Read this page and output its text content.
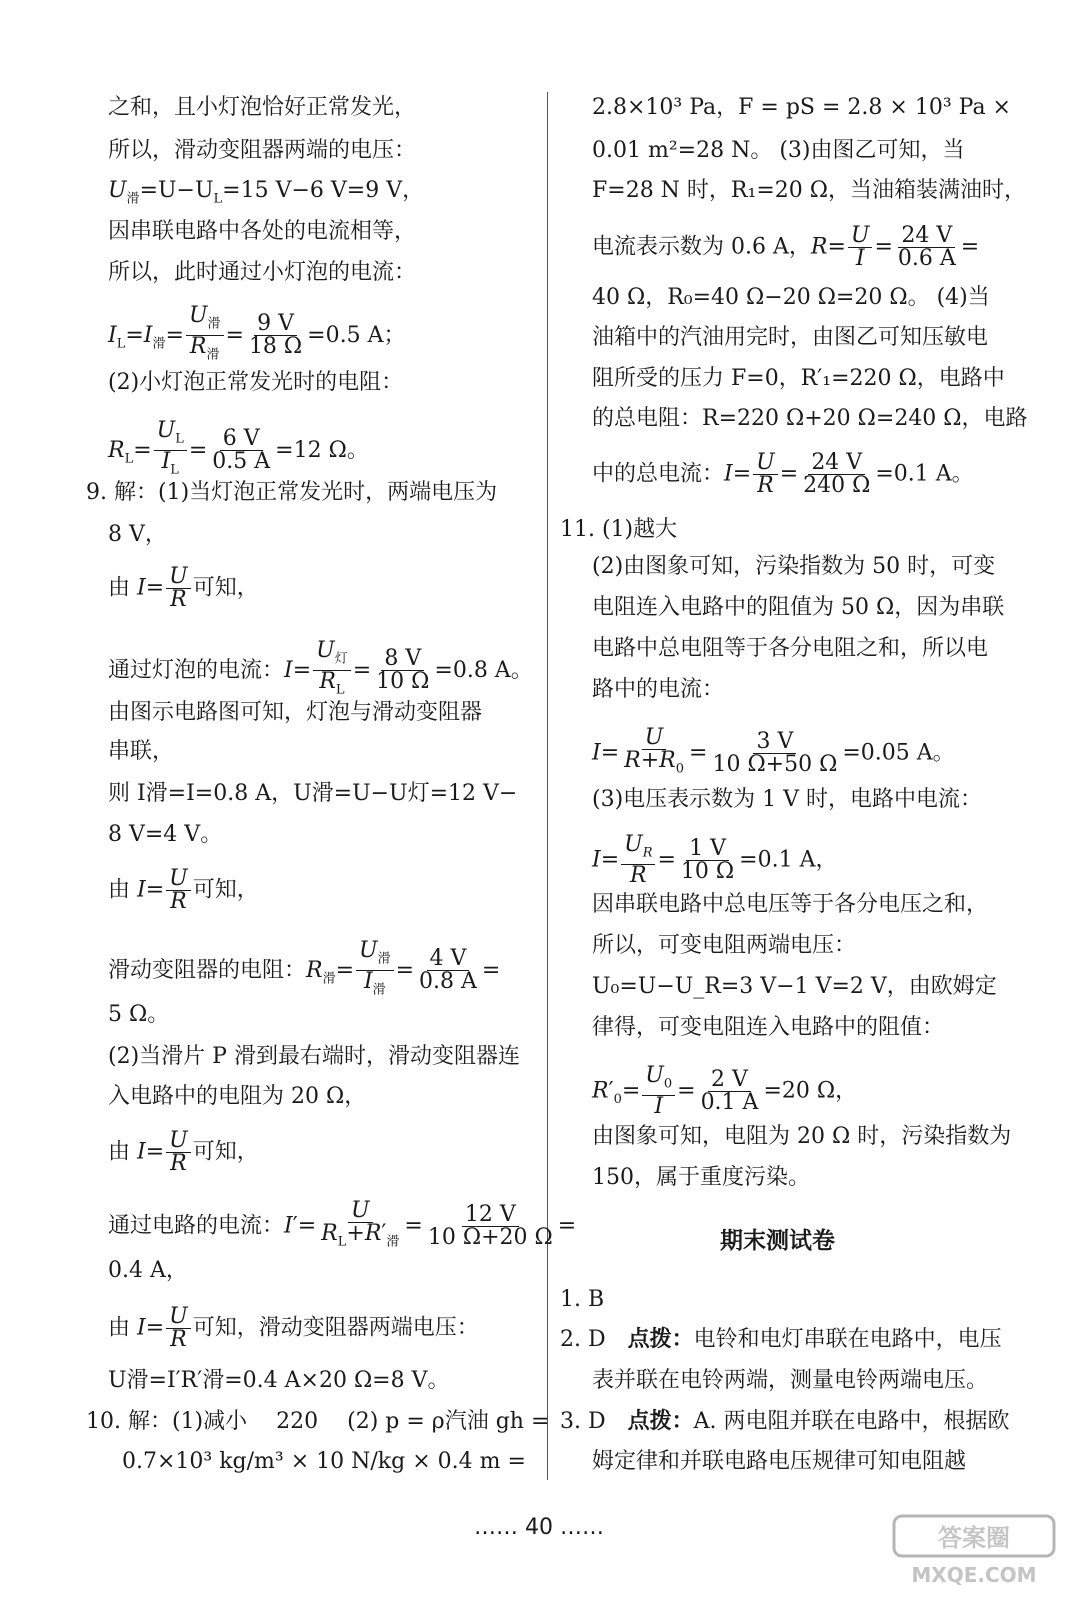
之和，且小灯泡恰好正常发光，
所以，滑动变阻器两端的电压：
$U_滑=U-U_L=15$ V−6 V=9 V，
因串联电路中各处的电流相等，
所以，此时通过小灯泡的电流：
$I_L=I_滑= \frac{U_滑}{R_滑} = \frac{9 V}{18 \Omega} =0.5$ A；
(2)小灯泡正常发光时的电阻：
$R_L= \frac{U_L}{I_L} = \frac{6 V}{0.5 A} =12$ Ω。
9. 解：(1)当灯泡正常发光时，两端电压为
8 V，
由 $I= \frac{U}{R}$ 可知，
通过灯泡的电流：$I= \frac{U_灯}{R_L} = \frac{8 V}{10 \Omega} =0.8$ A。
由图示电路图可知，灯泡与滑动变阻器
串联，
则 I滑=I=0.8 A，U滑=U−U灯=12 V−
8 V=4 V。
由 $I= \frac{U}{R}$ 可知，
滑动变阻器的电阻：$R_滑= \frac{U_滑}{I_滑} = \frac{4 V}{0.8 A}$ =
5 Ω。
(2)当滑片 P 滑到最右端时，滑动变阻器连
入电路中的电阻为 20 Ω，
由 $I= \frac{U}{R}$ 可知，
通过电路的电流：$I'= \frac{U}{R_L+R'_滑} = \frac{12 V}{10 \Omega+20 \Omega}$ =
0.4 A，
由 $I= \frac{U}{R}$ 可知，滑动变阻器两端电压：
U滑=I′R′滑=0.4 A×20 Ω=8 V。
10. 解：(1)减小　 220　 (2) p = ρ汽油 gh =
0.7×10³ kg/m³ × 10 N/kg × 0.4 m =
2.8×10³ Pa，F = pS = 2.8 × 10³ Pa ×
0.01 m²=28 N。 (3)由图乙可知，当
F=28 N 时，R₁=20 Ω，当油箱装满油时，
电流表示数为 0.6 A，$R= \frac{U}{I} = \frac{24 V}{0.6 A}$ =
40 Ω，R₀=40 Ω−20 Ω=20 Ω。 (4)当
油箱中的汽油用完时，由图乙可知压敏电
阻所受的压力 F=0，R′₁=220 Ω，电路中
的总电阻：R=220 Ω+20 Ω=240 Ω，电路
中的总电流：$I= \frac{U}{R} = \frac{24 V}{240 \Omega} =0.1$ A。
11. (1)越大
(2)由图象可知，污染指数为 50 时，可变
电阻连入电路中的阻值为 50 Ω，因为串联
电路中总电阻等于各分电阻之和，所以电
路中的电流：
$I= \frac{U}{R+R_0} = \frac{3 V}{10 \Omega+50 \Omega} =0.05$ A。
(3)电压表示数为 1 V 时，电路中电流：
$I= \frac{U_R}{R} = \frac{1 V}{10 \Omega} =0.1$ A，
因串联电路中总电压等于各分电压之和，
所以，可变电阻两端电压：
U₀=U−U_R=3 V−1 V=2 V，由欧姆定
律得，可变电阻连入电路中的阻值：
$R'_0= \frac{U_0}{I} = \frac{2 V}{0.1 A} =20$ Ω，
由图象可知，电阻为 20 Ω 时，污染指数为
150，属于重度污染。
1. B
2. D　 点拨：电铃和电灯串联在电路中，电压
表并联在电铃两端，测量电铃两端电压。
3. D　 点拨：A. 两电阻并联在电路中，根据欧
姆定律和并联电路电压规律可知电阻越
期末测试卷
…… 40 ……	答案圈
MXQE.COM
